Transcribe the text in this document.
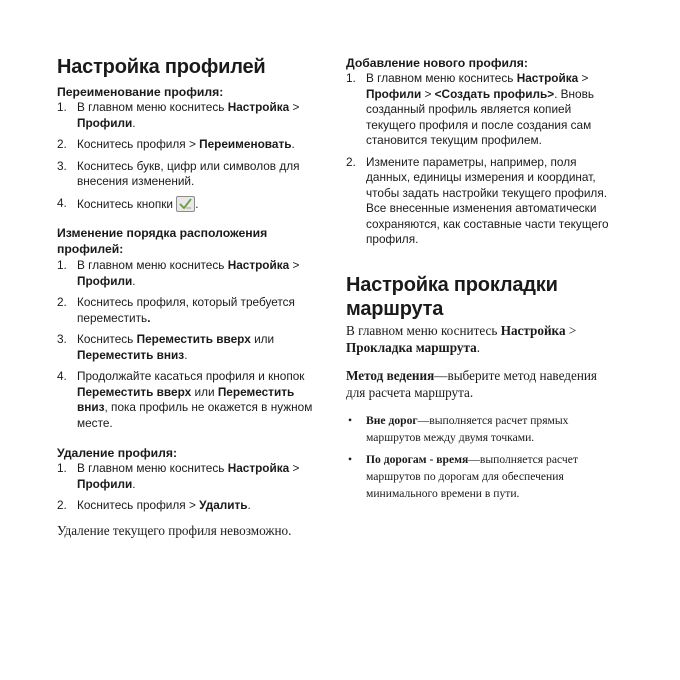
Настройка профилей
Переименование профиля:
1. В главном меню коснитесь Настройка > Профили.
2. Коснитесь профиля > Переименовать.
3. Коснитесь букв, цифр или символов для внесения изменений.
4. Коснитесь кнопки
.
Изменение порядка расположения профилей:
1. В главном меню коснитесь Настройка > Профили.
2. Коснитесь профиля, который требуется переместить.
3. Коснитесь Переместить вверх или Переместить вниз.
4. Продолжайте касаться профиля и кнопок Переместить вверх или Переместить вниз, пока профиль не окажется в нужном месте.
Удаление профиля:
1. В главном меню коснитесь Настройка > Профили.
2. Коснитесь профиля > Удалить.

Удаление текущего профиля невозможно.

Добавление нового профиля:
1. В главном меню коснитесь Настройка > Профили > <Создать профиль>. Вновь созданный профиль является копией текущего профиля и после создания сам становится текущим профилем.
2. Измените параметры, например, поля данных, единицы измерения и координат, чтобы задать настройки текущего профиля. Все внесенные изменения автоматически сохраняются, как составные части текущего профиля.
Настройка прокладки маршрута

В главном меню коснитесь Настройка > Прокладка маршрута.

Метод ведения—выберите метод наведения для расчета маршрута.

• Вне дорог—выполняется расчет прямых маршрутов между двумя точками.
• По дорогам - время—выполняется расчет маршрутов по дорогам для обеспечения минимального времени в пути.
